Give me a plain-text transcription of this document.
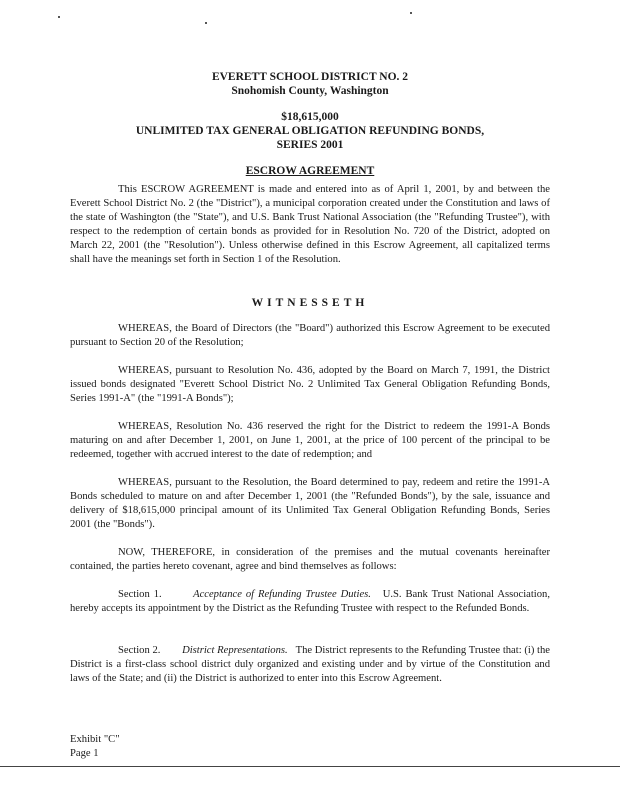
EVERETT SCHOOL DISTRICT NO. 2
Snohomish County, Washington
$18,615,000
UNLIMITED TAX GENERAL OBLIGATION REFUNDING BONDS,
SERIES 2001
ESCROW AGREEMENT

This ESCROW AGREEMENT is made and entered into as of April 1, 2001, by and between the Everett School District No. 2 (the "District"), a municipal corporation created under the Constitution and laws of the state of Washington (the "State"), and U.S. Bank Trust National Association (the "Refunding Trustee"), with respect to the redemption of certain bonds as provided for in Resolution No. 720 of the District, adopted on March 22, 2001 (the "Resolution"). Unless otherwise defined in this Escrow Agreement, all capitalized terms shall have the meanings set forth in Section 1 of the Resolution.

WITNESSETH

WHEREAS, the Board of Directors (the "Board") authorized this Escrow Agreement to be executed pursuant to Section 20 of the Resolution;

WHEREAS, pursuant to Resolution No. 436, adopted by the Board on March 7, 1991, the District issued bonds designated "Everett School District No. 2 Unlimited Tax General Obligation Refunding Bonds, Series 1991-A" (the "1991-A Bonds");

WHEREAS, Resolution No. 436 reserved the right for the District to redeem the 1991-A Bonds maturing on and after December 1, 2001, on June 1, 2001, at the price of 100 percent of the principal to be redeemed, together with accrued interest to the date of redemption; and

WHEREAS, pursuant to the Resolution, the Board determined to pay, redeem and retire the 1991-A Bonds scheduled to mature on and after December 1, 2001 (the "Refunded Bonds"), by the sale, issuance and delivery of $18,615,000 principal amount of its Unlimited Tax General Obligation Refunding Bonds, Series 2001 (the "Bonds").

NOW, THEREFORE, in consideration of the premises and the mutual covenants hereinafter contained, the parties hereto covenant, agree and bind themselves as follows:

Section 1.	Acceptance of Refunding Trustee Duties. U.S. Bank Trust National Association, hereby accepts its appointment by the District as the Refunding Trustee with respect to the Refunded Bonds.

Section 2. District Representations. The District represents to the Refunding Trustee that: (i) the District is a first-class school district duly organized and existing under and by virtue of the Constitution and laws of the State; and (ii) the District is authorized to enter into this Escrow Agreement.

Exhibit "C"
Page 1
